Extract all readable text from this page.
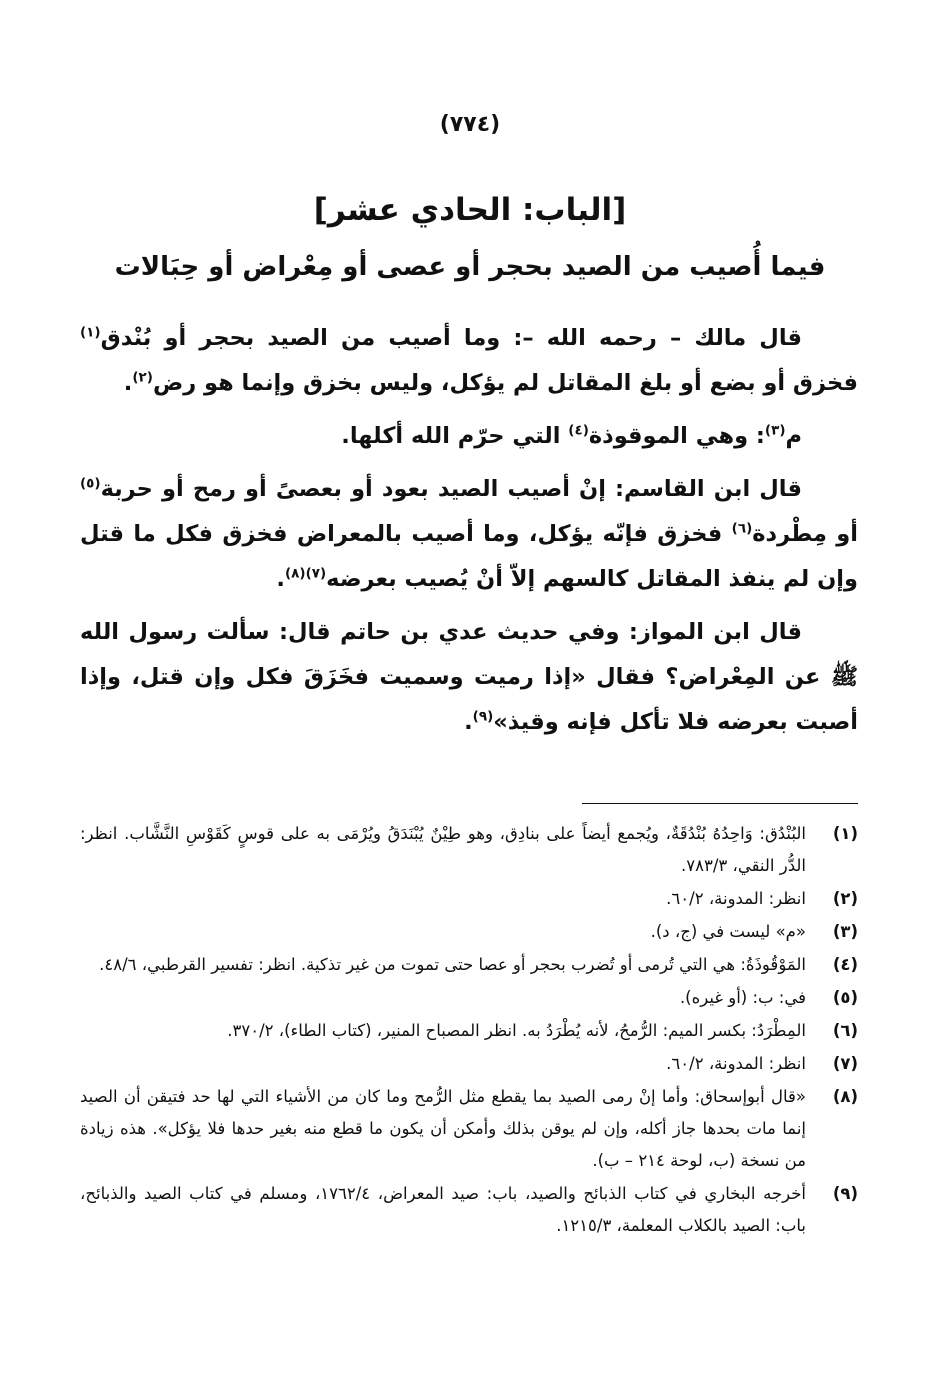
(٧٧٤)
[الباب: الحادي عشر]
فيما أُصيب من الصيد بحجر أو عصى أو مِعْراض أو حِبَالات

قال مالك – رحمه الله –: وما أصيب من الصيد بحجر أو بُنْدق$^{(١)}$ فخزق أو بضع أو بلغ المقاتل لم يؤكل، وليس بخزق وإنما هو رض$^{(٢)}$.

م$^{(٣)}$: وهي الموقوذة$^{(٤)}$ التي حرّم الله أكلها.

قال ابن القاسم: إنْ أصيب الصيد بعود أو بعصىً أو رمح أو حربة$^{(٥)}$ أو مِطْردة$^{(٦)}$ فخزق فإنّه يؤكل، وما أصيب بالمعراض فخزق فكل ما قتل وإن لم ينفذ المقاتل كالسهم إلاّ أنْ يُصيب بعرضه$^{(٧)(٨)}$.

قال ابن المواز: وفي حديث عدي بن حاتم قال: سألت رسول الله ﷺ عن المِعْراض؟ فقال «إذا رميت وسميت فخَزَقَ فكل وإن قتل، وإذا أصبت بعرضه فلا تأكل فإنه وقيذ»$^{(٩)}$.

(١)
البُنْدُق: وَاحِدُهُ بُنْدُقَةٌ، ويُجمع أيضاً على بنادِق، وهو طِيْنٌ يُبْنَدَقُ ويُرْمَى به على قوسٍ كَقَوْسِ النَّشَّاب. انظر: الدُّر النقي، ٧٨٣/٣.
(٢)
انظر: المدونة، ٦٠/٢.
(٣)
«م» ليست في (ج، د).
(٤)
المَوْقُوذَةُ: هي التي تُرمى أو تُضرب بحجر أو عصا حتى تموت من غير تذكية. انظر: تفسير القرطبي، ٤٨/٦.
(٥)
في: ب: (أو غيره).
(٦)
المِطْرَدُ: بكسر الميم: الرُّمحُ، لأنه يُطْرَدُ به. انظر المصباح المنير، (كتاب الطاء)، ٣٧٠/٢.
(٧)
انظر: المدونة، ٦٠/٢.
(٨)
«قال أبوإسحاق: وأما إنْ رمى الصيد بما يقطع مثل الرُّمح وما كان من الأشياء التي لها حد فتيقن أن الصيد إنما مات بحدها جاز أكله، وإن لم يوقن بذلك وأمكن أن يكون ما قطع منه بغير حدها فلا يؤكل». هذه زيادة من نسخة (ب، لوحة ٢١٤ – ب).
(٩)
أخرجه البخاري في كتاب الذبائح والصيد، باب: صيد المعراض، ١٧٦٢/٤، ومسلم في كتاب الصيد والذبائح، باب: الصيد بالكلاب المعلمة، ١٢١٥/٣.
